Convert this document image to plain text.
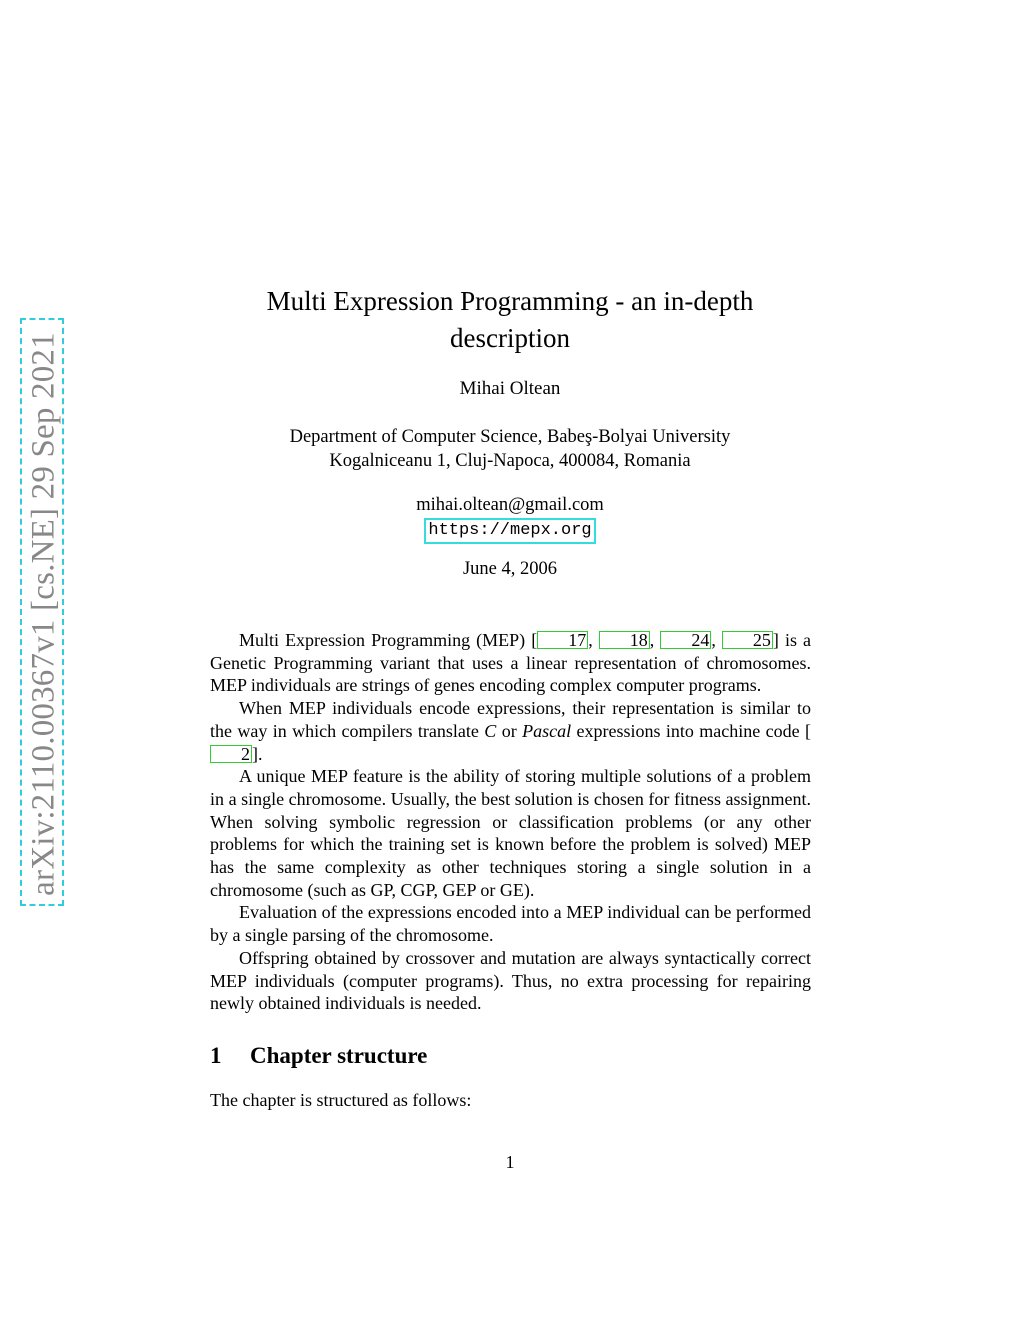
arXiv:2110.00367v1 [cs.NE] 29 Sep 2021
Multi Expression Programming - an in-depth
description
Mihai Oltean
Department of Computer Science, Babeş-Bolyai University
Kogalniceanu 1, Cluj-Napoca, 400084, Romania
mihai.oltean@gmail.com
https://mepx.org
June 4, 2006

Multi Expression Programming (MEP) [ 17 , 18 , 24 , 25 ] is a Genetic Programming variant that uses a linear representation of chromosomes. MEP individuals are strings of genes encoding complex computer programs.

When MEP individuals encode expressions, their representation is similar to the way in which compilers translate C or Pascal expressions into machine code [2 ].

A unique MEP feature is the ability of storing multiple solutions of a problem in a single chromosome. Usually, the best solution is chosen for fitness assignment. When solving symbolic regression or classification problems (or any other problems for which the training set is known before the problem is solved) MEP has the same complexity as other techniques storing a single solution in a chromosome (such as GP, CGP, GEP or GE).

Evaluation of the expressions encoded into a MEP individual can be performed by a single parsing of the chromosome.

Offspring obtained by crossover and mutation are always syntactically correct MEP individuals (computer programs). Thus, no extra processing for repairing newly obtained individuals is needed.

1 Chapter structure
The chapter is structured as follows:
1
